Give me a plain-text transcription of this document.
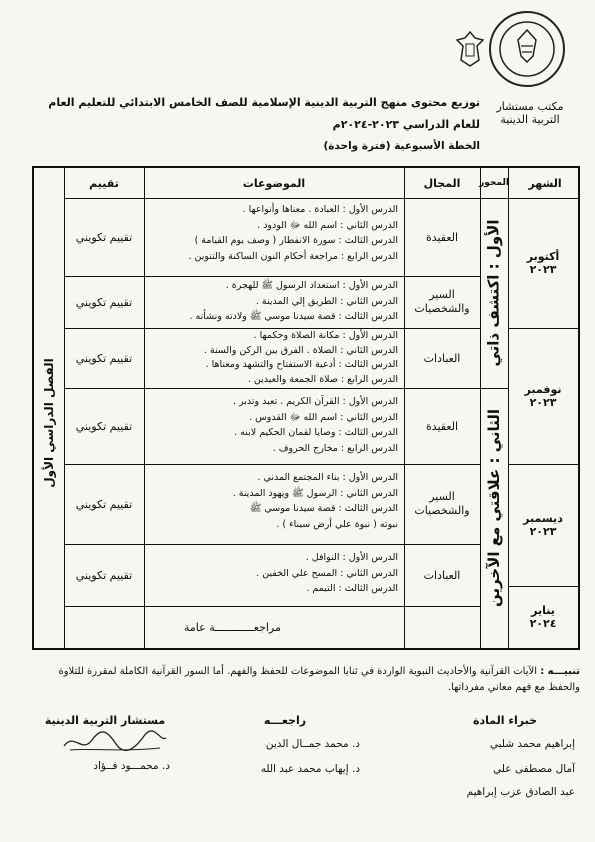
مكتب مستشار
التربية الدينية
توزيع محتوى منهج التربية الدينية الإسلامية للصف الخامس الابتدائي للتعليم العام
للعام الدراسي ٢٠٢٣-٢٠٢٤م
الخطة الأسبوعية (فترة واحدة)
الشهر
المحور
المجال
الموضوعات
تقييم
الفصل الدراسي الأول
الأول : اكتشف ذاتي
الثاني : علاقتي مع الآخرين
أكتوبر
٢٠٢٣
نوفمبر
٢٠٢٣
ديسمبر
٢٠٢٣
يناير
٢٠٢٤
العقيدة
الدرس الأول : العبادة . معناها وأنواعها .
الدرس الثاني : اسم الله ﷻ الودود .
الدرس الثالث : سورة الانفطار ( وصف يوم القيامة )
الدرس الرابع : مراجعة أحكام النون الساكنة والتنوين .
تقييم تكويني
السير والشخصيات
الدرس الأول : استعداد الرسول ﷺ للهجرة .
الدرس الثاني : الطريق إلي المدينة .
الدرس الثالث : قصة سيدنا موسي ﷺ ولادته ونشأته .
تقييم تكويني
العبادات
الدرس الأول : مكانة الصلاة وحكمها .
الدرس الثاني : الصلاة . الفرق بين الركن والسنة .
الدرس الثالث : أدعية الاستفتاح والتشهد ومعناها .
الدرس الرابع : صلاة الجمعة والعيدين .
تقييم تكويني
العقيدة
الدرس الأول : القرآن الكريم . تعبد وتدبر .
الدرس الثاني : اسم الله ﷻ القدوس .
الدرس الثالث : وصايا لقمان الحكيم لابنه .
الدرس الرابع : مخارج الحروف .
تقييم تكويني
السير والشخصيات
الدرس الأول : بناء المجتمع المدني .
الدرس الثاني : الرسول ﷺ ويهود المدينة .
الدرس الثالث : قصة سيدنا موسي ﷺ
نبوته ( نبوة علي أرض سيناء ) .
تقييم تكويني
العبادات
الدرس الأول : النوافل .
الدرس الثاني : المسح علي الخفين .
الدرس الثالث : التيمم .
تقييم تكويني
مراجعــــــــــــة عامة
تنبيـــه : الآيات القرآنية والأحاديث النبوية الواردة في ثنايا الموضوعات للحفظ والفهم. أما السور القرآنية الكاملة لمقررة للتلاوة والحفظ مع فهم معاني مفرداتها.
خبراء المادة
إبراهيم محمد شلبي
آمال مصطفى علي
عبد الصادق عزب إبراهيم
راجعـــه
د. محمد جمــال الدين
د. إيهاب محمد عبد الله
مستشار التربية الدينية
د. محمـــود فــؤاد
